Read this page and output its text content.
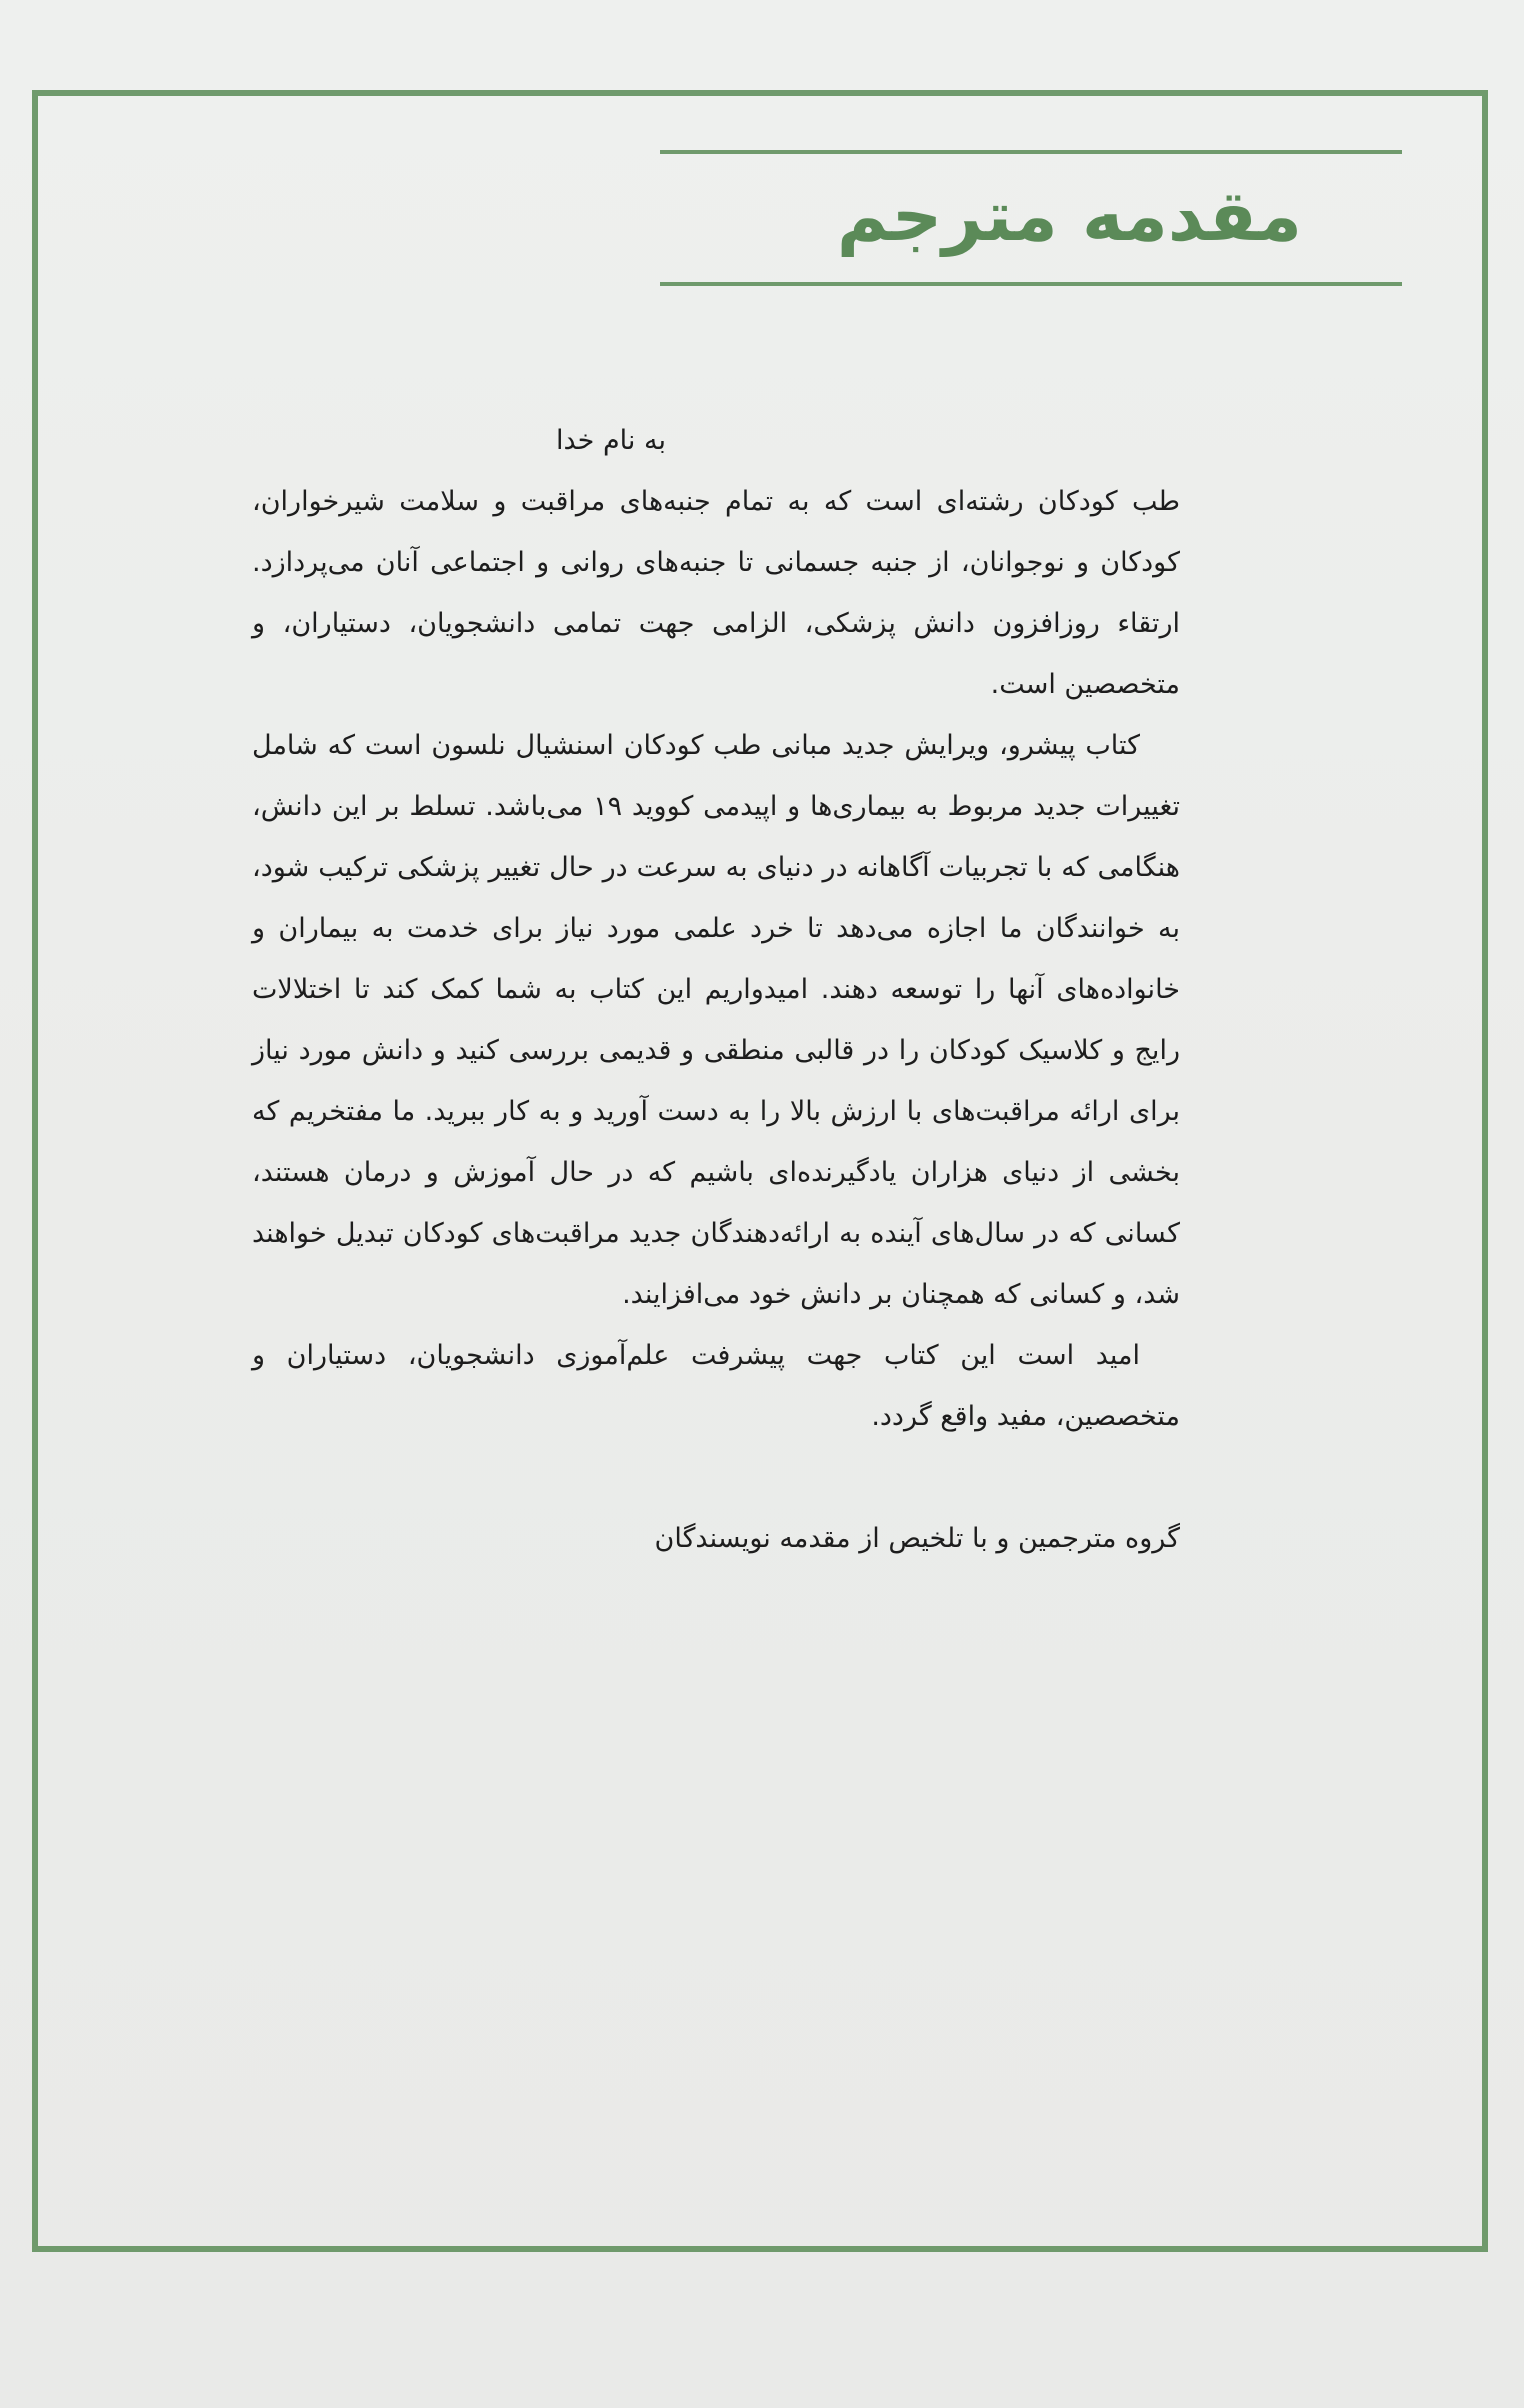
مقدمه مترجم

به نام خدا

طب کودکان رشته‌ای است که به تمام جنبه‌های مراقبت و سلامت شیرخواران، کودکان و نوجوانان، از جنبه جسمانی تا جنبه‌های روانی و اجتماعی آنان می‌پردازد. ارتقاء روزافزون دانش پزشکی، الزامی جهت تمامی دانشجویان، دستیاران، و متخصصین است.

کتاب پیشرو، ویرایش جدید مبانی طب کودکان اسنشیال نلسون است که شامل تغییرات جدید مربوط به بیماری‌ها و اپیدمی کووید ۱۹ می‌باشد. تسلط بر این دانش، هنگامی که با تجربیات آگاهانه در دنیای به سرعت در حال تغییر پزشکی ترکیب شود، به خوانندگان ما اجازه می‌دهد تا خرد علمی مورد نیاز برای خدمت به بیماران و خانواده‌های آنها را توسعه دهند. امیدواریم این کتاب به شما کمک کند تا اختلالات رایج و کلاسیک کودکان را در قالبی منطقی و قدیمی بررسی کنید و دانش مورد نیاز برای ارائه مراقبت‌های با ارزش بالا را به دست آورید و به کار ببرید. ما مفتخریم که بخشی از دنیای هزاران یادگیرنده‌ای باشیم که در حال آموزش و درمان هستند، کسانی که در سال‌های آینده به ارائه‌دهندگان جدید مراقبت‌های کودکان تبدیل خواهند شد، و کسانی که همچنان بر دانش خود می‌افزایند.

امید است این کتاب جهت پیشرفت علم‌آموزی دانشجویان، دستیاران و متخصصین، مفید واقع گردد.

گروه مترجمین و با تلخیص از مقدمه نویسندگان
